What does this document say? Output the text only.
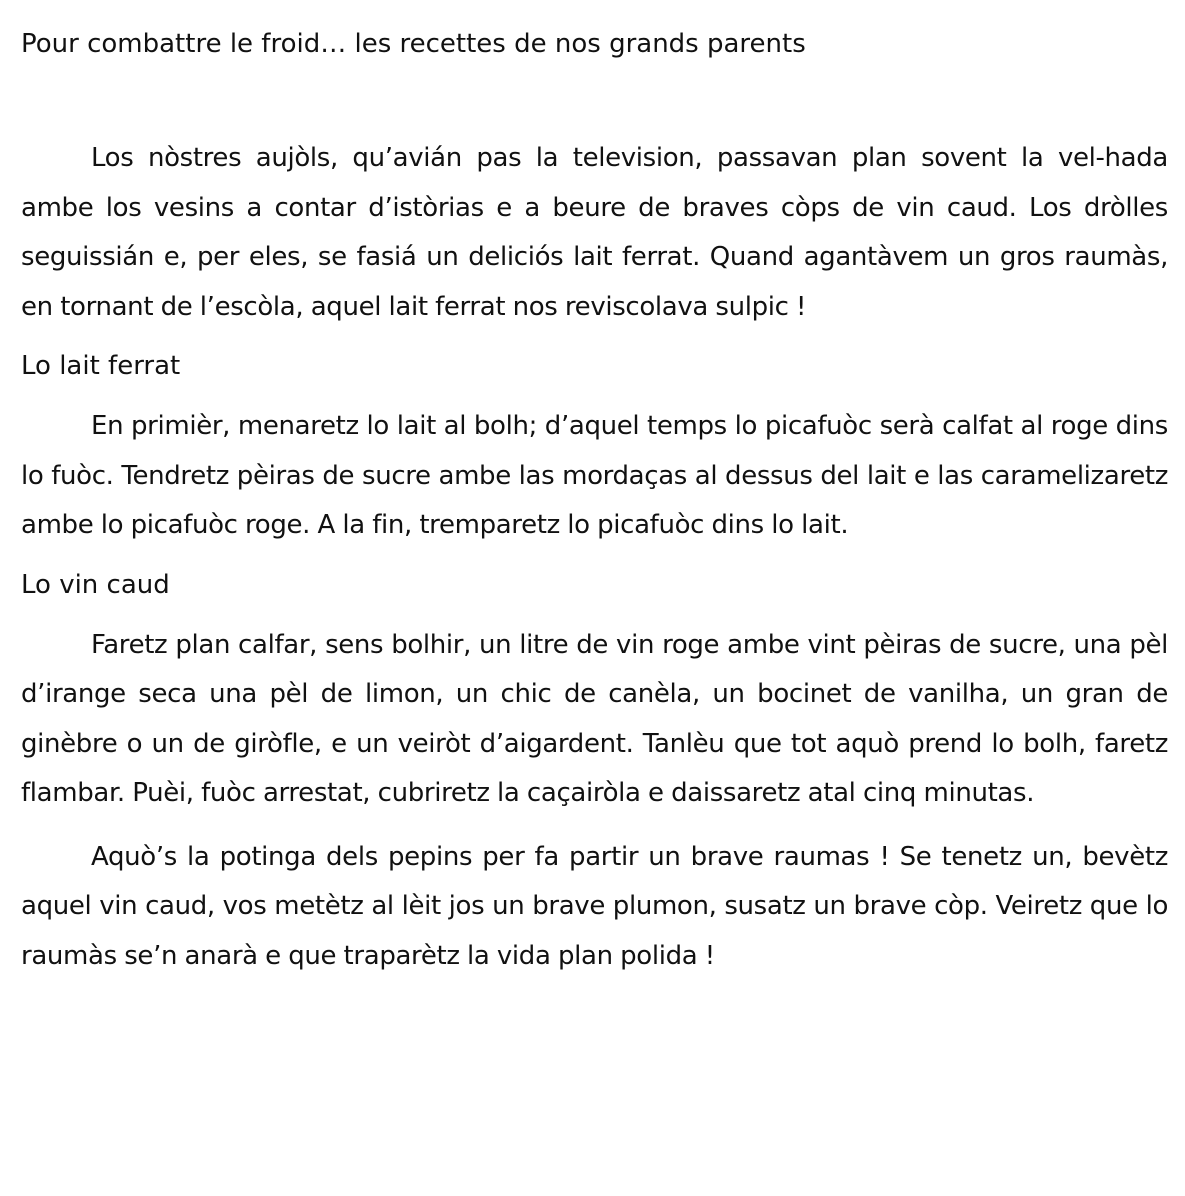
Pour combattre le froid… les recettes de nos grands parents

Los nòstres aujòls, qu’avián pas la television, passavan plan sovent la vel-hada ambe los vesins a contar d’istòrias e a beure de braves còps de vin caud. Los dròlles seguissián e, per eles, se fasiá un deliciós lait ferrat. Quand agantàvem un gros raumàs, en tornant de l’escòla, aquel lait ferrat nos reviscolava sulpic !

Lo lait ferrat

En primièr, menaretz lo lait al bolh; d’aquel temps lo picafuòc serà calfat al roge dins lo fuòc. Tendretz pèiras de sucre ambe las mordaças al dessus del lait e las caramelizaretz ambe lo picafuòc roge. A la fin, tremparetz lo picafuòc dins lo lait.

Lo vin caud

Faretz plan calfar, sens bolhir, un litre de vin roge ambe vint pèiras de sucre, una pèl d’irange seca una pèl de limon, un chic de canèla, un bocinet de vanilha, un gran de ginèbre o un de giròfle, e un veiròt d’aigardent. Tanlèu que tot aquò prend lo bolh, faretz flambar. Puèi, fuòc arrestat, cubriretz la caçairòla e daissaretz atal cinq minutas.

Aquò’s la potinga dels pepins per fa partir un brave raumas ! Se tenetz un, bevètz aquel vin caud, vos metètz al lèit jos un brave plumon, susatz un brave còp. Veiretz que lo raumàs se’n anarà e que traparètz la vida plan polida !
